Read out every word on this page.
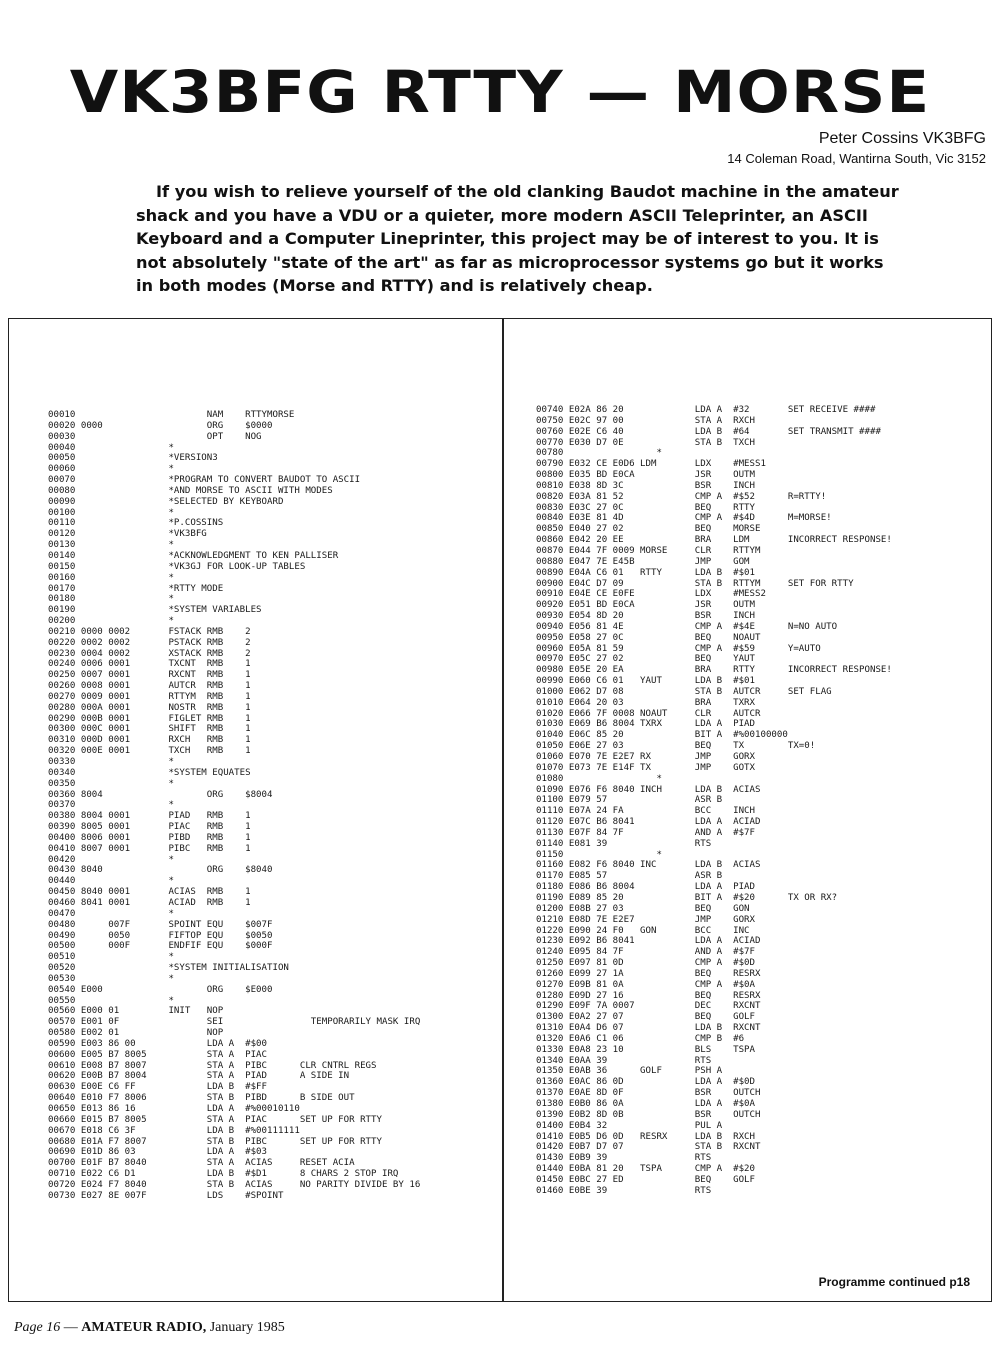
VK3BFG RTTY — MORSE
Peter Cossins VK3BFG
14 Coleman Road, Wantirna South, Vic 3152
If you wish to relieve yourself of the old clanking Baudot machine in the amateur shack and you have a VDU or a quieter, more modern ASCII Teleprinter, an ASCII Keyboard and a Computer Lineprinter, this project may be of interest to you. It is not absolutely "state of the art" as far as microprocessor systems go but it works in both modes (Morse and RTTY) and is relatively cheap.
00010                        NAM    RTTYMORSE
00020 0000                   ORG    $0000
00030                        OPT    NOG
00040                 *
00050                 *VERSION3
00060                 *
00070                 *PROGRAM TO CONVERT BAUDOT TO ASCII
00080                 *AND MORSE TO ASCII WITH MODES
00090                 *SELECTED BY KEYBOARD
00100                 *
00110                 *P.COSSINS
00120                 *VK3BFG
00130                 *
00140                 *ACKNOWLEDGMENT TO KEN PALLISER
00150                 *VK3GJ FOR LOOK-UP TABLES
00160                 *
00170                 *RTTY MODE
00180                 *
00190                 *SYSTEM VARIABLES
00200                 *
00210 0000 0002       FSTACK RMB    2
00220 0002 0002       PSTACK RMB    2
00230 0004 0002       XSTACK RMB    2
00240 0006 0001       TXCNT  RMB    1
00250 0007 0001       RXCNT  RMB    1
00260 0008 0001       AUTCR  RMB    1
00270 0009 0001       RTTYM  RMB    1
00280 000A 0001       NOSTR  RMB    1
00290 000B 0001       FIGLET RMB    1
00300 000C 0001       SHIFT  RMB    1
00310 000D 0001       RXCH   RMB    1
00320 000E 0001       TXCH   RMB    1
00330                 *
00340                 *SYSTEM EQUATES
00350                 *
00360 8004                   ORG    $8004
00370                 *
00380 8004 0001       PIAD   RMB    1
00390 8005 0001       PIAC   RMB    1
00400 8006 0001       PIBD   RMB    1
00410 8007 0001       PIBC   RMB    1
00420                 *
00430 8040                   ORG    $8040
00440                 *
00450 8040 0001       ACIAS  RMB    1
00460 8041 0001       ACIAD  RMB    1
00470                 *
00480      007F       SPOINT EQU    $007F
00490      0050       FIFTOP EQU    $0050
00500      000F       ENDFIF EQU    $000F
00510                 *
00520                 *SYSTEM INITIALISATION
00530                 *
00540 E000                   ORG    $E000
00550                 *
00560 E000 01         INIT   NOP
00570 E001 0F                SEI                TEMPORARILY MASK IRQ
00580 E002 01                NOP
00590 E003 86 00             LDA A  #$00
00600 E005 B7 8005           STA A  PIAC
00610 E008 B7 8007           STA A  PIBC      CLR CNTRL REGS
00620 E00B B7 8004           STA A  PIAD      A SIDE IN
00630 E00E C6 FF             LDA B  #$FF
00640 E010 F7 8006           STA B  PIBD      B SIDE OUT
00650 E013 86 16             LDA A  #%00010110
00660 E015 B7 8005           STA A  PIAC      SET UP FOR RTTY
00670 E018 C6 3F             LDA B  #%00111111
00680 E01A F7 8007           STA B  PIBC      SET UP FOR RTTY
00690 E01D 86 03             LDA A  #$03
00700 E01F B7 8040           STA A  ACIAS     RESET ACIA
00710 E022 C6 D1             LDA B  #$D1      8 CHARS 2 STOP IRQ
00720 E024 F7 8040           STA B  ACIAS     NO PARITY DIVIDE BY 16
00730 E027 8E 007F           LDS    #SPOINT
00740 E02A 86 20             LDA A  #32       SET RECEIVE ####
00750 E02C 97 00             STA A  RXCH
00760 E02E C6 40             LDA B  #64       SET TRANSMIT ####
00770 E030 D7 0E             STA B  TXCH
00780                 *
00790 E032 CE E0D6 LDM       LDX    #MESS1
00800 E035 BD E0CA           JSR    OUTM
00810 E038 8D 3C             BSR    INCH
00820 E03A 81 52             CMP A  #$52      R=RTTY!
00830 E03C 27 0C             BEQ    RTTY
00840 E03E 81 4D             CMP A  #$4D      M=MORSE!
00850 E040 27 02             BEQ    MORSE
00860 E042 20 EE             BRA    LDM       INCORRECT RESPONSE!
00870 E044 7F 0009 MORSE     CLR    RTTYM
00880 E047 7E E45B           JMP    GOM
00890 E04A C6 01   RTTY      LDA B  #$01
00900 E04C D7 09             STA B  RTTYM     SET FOR RTTY
00910 E04E CE E0FE           LDX    #MESS2
00920 E051 BD E0CA           JSR    OUTM
00930 E054 8D 20             BSR    INCH
00940 E056 81 4E             CMP A  #$4E      N=NO AUTO
00950 E058 27 0C             BEQ    NOAUT
00960 E05A 81 59             CMP A  #$59      Y=AUTO
00970 E05C 27 02             BEQ    YAUT
00980 E05E 20 EA             BRA    RTTY      INCORRECT RESPONSE!
00990 E060 C6 01   YAUT      LDA B  #$01
01000 E062 D7 08             STA B  AUTCR     SET FLAG
01010 E064 20 03             BRA    TXRX
01020 E066 7F 0008 NOAUT     CLR    AUTCR
01030 E069 B6 8004 TXRX      LDA A  PIAD
01040 E06C 85 20             BIT A  #%00100000
01050 E06E 27 03             BEQ    TX        TX=0!
01060 E070 7E E2E7 RX        JMP    GORX
01070 E073 7E E14F TX        JMP    GOTX
01080                 *
01090 E076 F6 8040 INCH      LDA B  ACIAS
01100 E079 57                ASR B
01110 E07A 24 FA             BCC    INCH
01120 E07C B6 8041           LDA A  ACIAD
01130 E07F 84 7F             AND A  #$7F
01140 E081 39                RTS
01150                 *
01160 E082 F6 8040 INC       LDA B  ACIAS
01170 E085 57                ASR B
01180 E086 B6 8004           LDA A  PIAD
01190 E089 85 20             BIT A  #$20      TX OR RX?
01200 E08B 27 03             BEQ    GON
01210 E08D 7E E2E7           JMP    GORX
01220 E090 24 F0   GON       BCC    INC
01230 E092 B6 8041           LDA A  ACIAD
01240 E095 84 7F             AND A  #$7F
01250 E097 81 0D             CMP A  #$0D
01260 E099 27 1A             BEQ    RESRX
01270 E09B 81 0A             CMP A  #$0A
01280 E09D 27 16             BEQ    RESRX
01290 E09F 7A 0007           DEC    RXCNT
01300 E0A2 27 07             BEQ    GOLF
01310 E0A4 D6 07             LDA B  RXCNT
01320 E0A6 C1 06             CMP B  #6
01330 E0A8 23 10             BLS    TSPA
01340 E0AA 39                RTS
01350 E0AB 36      GOLF      PSH A
01360 E0AC 86 0D             LDA A  #$0D
01370 E0AE 8D 0F             BSR    OUTCH
01380 E0B0 86 0A             LDA A  #$0A
01390 E0B2 8D 0B             BSR    OUTCH
01400 E0B4 32                PUL A
01410 E0B5 D6 0D   RESRX     LDA B  RXCH
01420 E0B7 D7 07             STA B  RXCNT
01430 E0B9 39                RTS
01440 E0BA 81 20   TSPA      CMP A  #$20
01450 E0BC 27 ED             BEQ    GOLF
01460 E0BE 39                RTS
Programme continued p18
Page 16 — AMATEUR RADIO, January 1985
